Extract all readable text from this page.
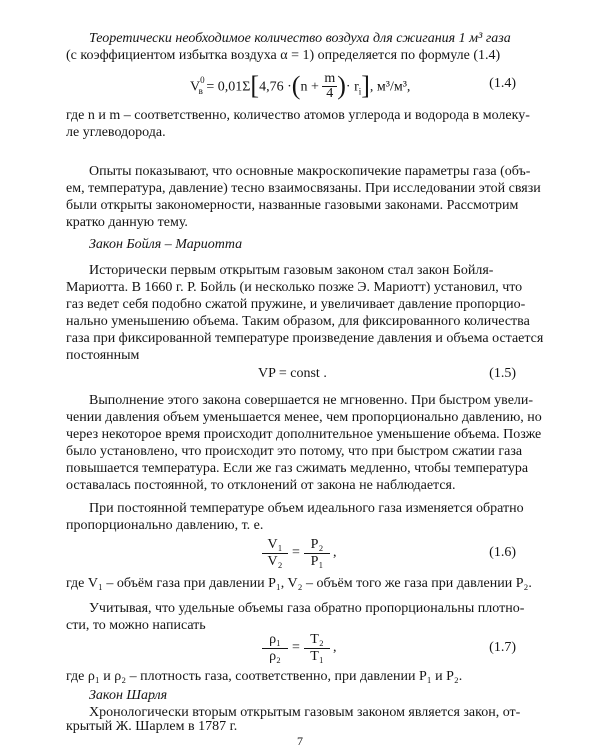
Теоретически необходимое количество воздуха для сжигания 1 м³ газа
(с коэффициентом избытка воздуха α = 1) определяется по формуле (1.4)
$V^0_в = 0,01\Sigma[4,76 \cdot(n + \frac{m}{4}$ )· $r_i$], м³/м³,	(1.4)
где n и m – соответственно, количество атомов углерода и водорода в молеку-
ле углеводорода.
Опыты показывают, что основные макроскопичекие параметры газа (объ-
ем, температура, давление) тесно взаимосвязаны. При исследовании этой связи
были открыты закономерности, названные газовыми законами. Рассмотрим
кратко данную тему.
Закон Бойля – Мариотта
Исторически первым открытым газовым законом стал закон Бойля-
Мариотта. В 1660 г. Р. Бойль (и несколько позже Э. Мариотт) установил, что
газ ведет себя подобно сжатой пружине, и увеличивает давление пропорцио-
нально уменьшению объема. Таким образом, для фиксированного количества
газа при фиксированной температуре произведение давления и объема остается
постоянным
VP = const .	(1.5)
Выполнение этого закона совершается не мгновенно. При быстром увели-
чении давления объем уменьшается менее, чем пропорционально давлению, но
через некоторое время происходит дополнительное уменьшение объема. Позже
было установлено, что происходит это потому, что при быстром сжатии газа
повышается температура. Если же газ сжимать медленно, чтобы температура
оставалась постоянной, то отклонений от закона не наблюдается.
При постоянной температуре объем идеального газа изменяется обратно
пропорционально давлению, т. е.
$\frac{\text{V₁}}{\text{V₂}} = \frac{\text{P₂}}{\text{P₁}}$ ,	(1.6)
где V₁ – объём газа при давлении P₁, V₂ – объём того же газа при давлении P₂.
Учитывая, что удельные объемы газа обратно пропорциональны плотно-
сти, то можно написать
$\frac{\text{ρ₁}}{\text{ρ₂}} = \frac{\text{T₂}}{\text{T₁}}$ ,	(1.7)
где ρ₁ и ρ₂ – плотность газа, соответственно, при давлении P₁ и P₂.
7
Закон Шарля
Хронологически вторым открытым газовым законом является закон, от-
крытый Ж. Шарлем в 1787 г.
